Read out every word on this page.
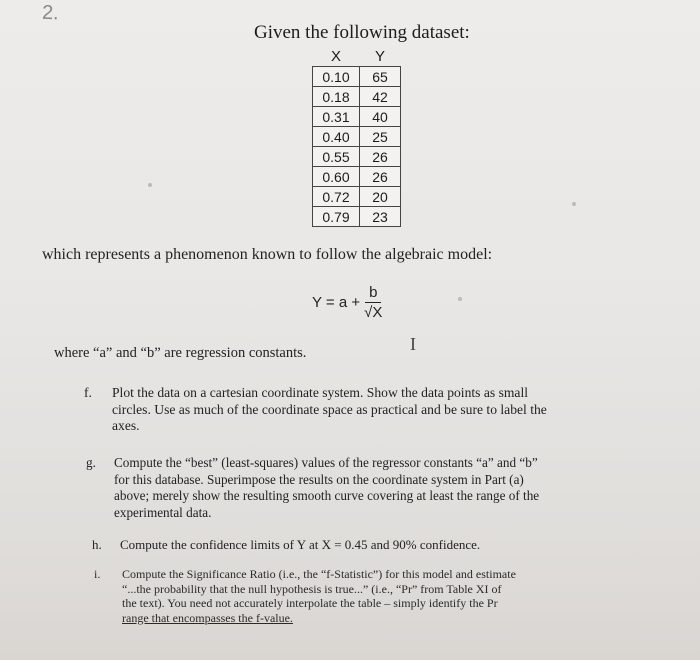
2.
Given the following dataset:
X	Y
0.10	65
0.18	42
0.31	40
0.40	25
0.55	26
0.60	26
0.72	20
0.79	23
which represents a phenomenon known to follow the algebraic model:
$Y = a + \frac{b}{√X}$
I
where “a” and “b” are regression constants.
f. Plot the data on a cartesian coordinate system. Show the data points as small
circles. Use as much of the coordinate space as practical and be sure to label the
axes.
g. Compute the “best” (least-squares) values of the regressor constants “a” and “b”
for this database. Superimpose the results on the coordinate system in Part (a)
above; merely show the resulting smooth curve covering at least the range of the
experimental data.
h. Compute the confidence limits of Y at X = 0.45 and 90% confidence.
i. Compute the Significance Ratio (i.e., the “f-Statistic”) for this model and estimate
“...the probability that the null hypothesis is true...” (i.e., “Pr” from Table XI of
the text). You need not accurately interpolate the table – simply identify the Pr
range that encompasses the f-value.
